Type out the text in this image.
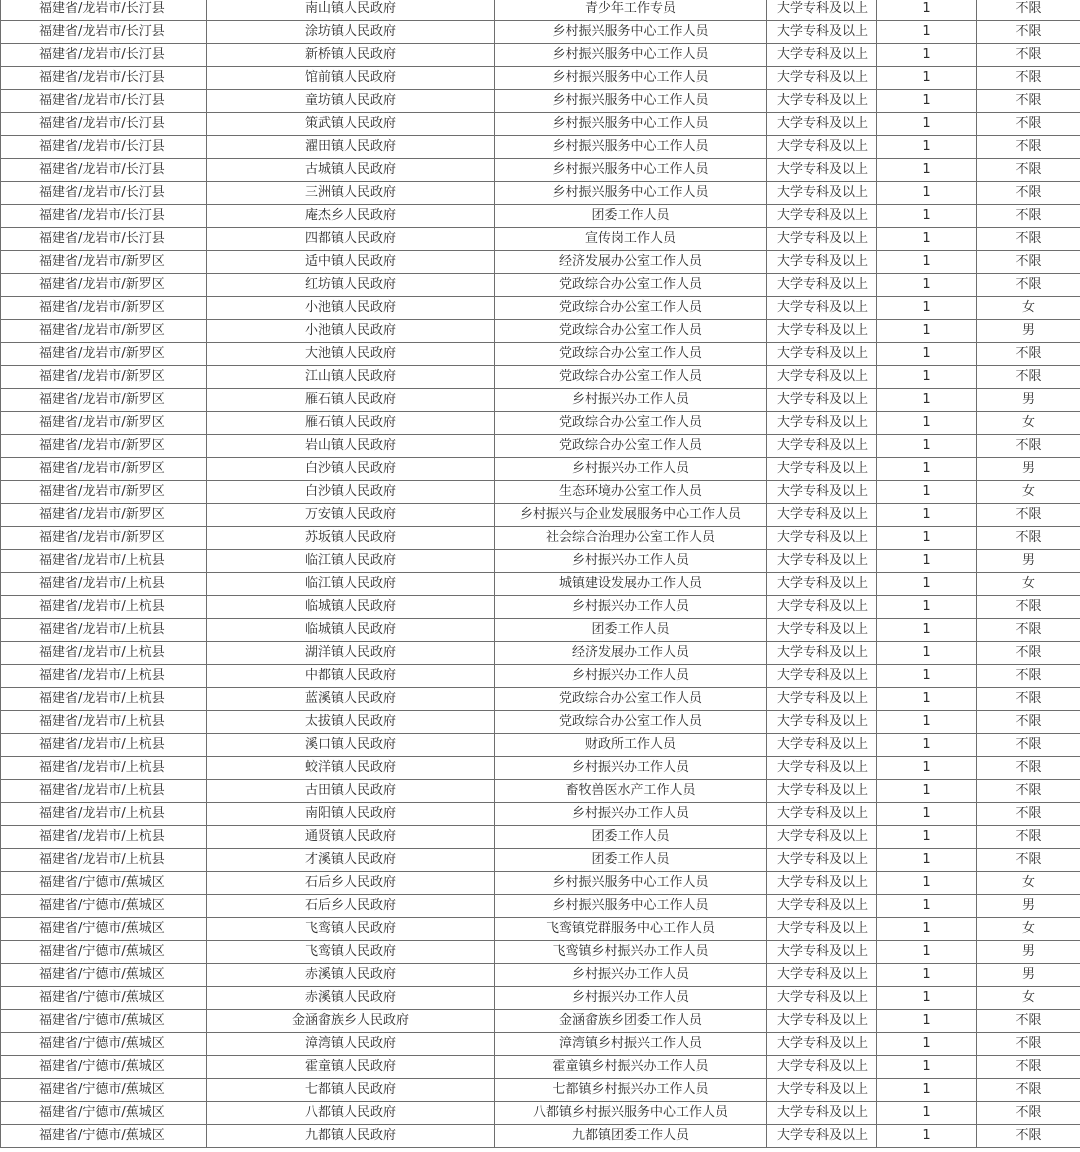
福建省/龙岩市/长汀县	南山镇人民政府	青少年工作专员	大学专科及以上	1	不限
福建省/龙岩市/长汀县	涂坊镇人民政府	乡村振兴服务中心工作人员	大学专科及以上	1	不限
福建省/龙岩市/长汀县	新桥镇人民政府	乡村振兴服务中心工作人员	大学专科及以上	1	不限
福建省/龙岩市/长汀县	馆前镇人民政府	乡村振兴服务中心工作人员	大学专科及以上	1	不限
福建省/龙岩市/长汀县	童坊镇人民政府	乡村振兴服务中心工作人员	大学专科及以上	1	不限
福建省/龙岩市/长汀县	策武镇人民政府	乡村振兴服务中心工作人员	大学专科及以上	1	不限
福建省/龙岩市/长汀县	濯田镇人民政府	乡村振兴服务中心工作人员	大学专科及以上	1	不限
福建省/龙岩市/长汀县	古城镇人民政府	乡村振兴服务中心工作人员	大学专科及以上	1	不限
福建省/龙岩市/长汀县	三洲镇人民政府	乡村振兴服务中心工作人员	大学专科及以上	1	不限
福建省/龙岩市/长汀县	庵杰乡人民政府	团委工作人员	大学专科及以上	1	不限
福建省/龙岩市/长汀县	四都镇人民政府	宣传岗工作人员	大学专科及以上	1	不限
福建省/龙岩市/新罗区	适中镇人民政府	经济发展办公室工作人员	大学专科及以上	1	不限
福建省/龙岩市/新罗区	红坊镇人民政府	党政综合办公室工作人员	大学专科及以上	1	不限
福建省/龙岩市/新罗区	小池镇人民政府	党政综合办公室工作人员	大学专科及以上	1	女
福建省/龙岩市/新罗区	小池镇人民政府	党政综合办公室工作人员	大学专科及以上	1	男
福建省/龙岩市/新罗区	大池镇人民政府	党政综合办公室工作人员	大学专科及以上	1	不限
福建省/龙岩市/新罗区	江山镇人民政府	党政综合办公室工作人员	大学专科及以上	1	不限
福建省/龙岩市/新罗区	雁石镇人民政府	乡村振兴办工作人员	大学专科及以上	1	男
福建省/龙岩市/新罗区	雁石镇人民政府	党政综合办公室工作人员	大学专科及以上	1	女
福建省/龙岩市/新罗区	岩山镇人民政府	党政综合办公室工作人员	大学专科及以上	1	不限
福建省/龙岩市/新罗区	白沙镇人民政府	乡村振兴办工作人员	大学专科及以上	1	男
福建省/龙岩市/新罗区	白沙镇人民政府	生态环境办公室工作人员	大学专科及以上	1	女
福建省/龙岩市/新罗区	万安镇人民政府	乡村振兴与企业发展服务中心工作人员	大学专科及以上	1	不限
福建省/龙岩市/新罗区	苏坂镇人民政府	社会综合治理办公室工作人员	大学专科及以上	1	不限
福建省/龙岩市/上杭县	临江镇人民政府	乡村振兴办工作人员	大学专科及以上	1	男
福建省/龙岩市/上杭县	临江镇人民政府	城镇建设发展办工作人员	大学专科及以上	1	女
福建省/龙岩市/上杭县	临城镇人民政府	乡村振兴办工作人员	大学专科及以上	1	不限
福建省/龙岩市/上杭县	临城镇人民政府	团委工作人员	大学专科及以上	1	不限
福建省/龙岩市/上杭县	湖洋镇人民政府	经济发展办工作人员	大学专科及以上	1	不限
福建省/龙岩市/上杭县	中都镇人民政府	乡村振兴办工作人员	大学专科及以上	1	不限
福建省/龙岩市/上杭县	蓝溪镇人民政府	党政综合办公室工作人员	大学专科及以上	1	不限
福建省/龙岩市/上杭县	太拔镇人民政府	党政综合办公室工作人员	大学专科及以上	1	不限
福建省/龙岩市/上杭县	溪口镇人民政府	财政所工作人员	大学专科及以上	1	不限
福建省/龙岩市/上杭县	蛟洋镇人民政府	乡村振兴办工作人员	大学专科及以上	1	不限
福建省/龙岩市/上杭县	古田镇人民政府	畜牧兽医水产工作人员	大学专科及以上	1	不限
福建省/龙岩市/上杭县	南阳镇人民政府	乡村振兴办工作人员	大学专科及以上	1	不限
福建省/龙岩市/上杭县	通贤镇人民政府	团委工作人员	大学专科及以上	1	不限
福建省/龙岩市/上杭县	才溪镇人民政府	团委工作人员	大学专科及以上	1	不限
福建省/宁德市/蕉城区	石后乡人民政府	乡村振兴服务中心工作人员	大学专科及以上	1	女
福建省/宁德市/蕉城区	石后乡人民政府	乡村振兴服务中心工作人员	大学专科及以上	1	男
福建省/宁德市/蕉城区	飞鸾镇人民政府	飞鸾镇党群服务中心工作人员	大学专科及以上	1	女
福建省/宁德市/蕉城区	飞鸾镇人民政府	飞鸾镇乡村振兴办工作人员	大学专科及以上	1	男
福建省/宁德市/蕉城区	赤溪镇人民政府	乡村振兴办工作人员	大学专科及以上	1	男
福建省/宁德市/蕉城区	赤溪镇人民政府	乡村振兴办工作人员	大学专科及以上	1	女
福建省/宁德市/蕉城区	金涵畲族乡人民政府	金涵畲族乡团委工作人员	大学专科及以上	1	不限
福建省/宁德市/蕉城区	漳湾镇人民政府	漳湾镇乡村振兴工作人员	大学专科及以上	1	不限
福建省/宁德市/蕉城区	霍童镇人民政府	霍童镇乡村振兴办工作人员	大学专科及以上	1	不限
福建省/宁德市/蕉城区	七都镇人民政府	七都镇乡村振兴办工作人员	大学专科及以上	1	不限
福建省/宁德市/蕉城区	八都镇人民政府	八都镇乡村振兴服务中心工作人员	大学专科及以上	1	不限
福建省/宁德市/蕉城区	九都镇人民政府	九都镇团委工作人员	大学专科及以上	1	不限
